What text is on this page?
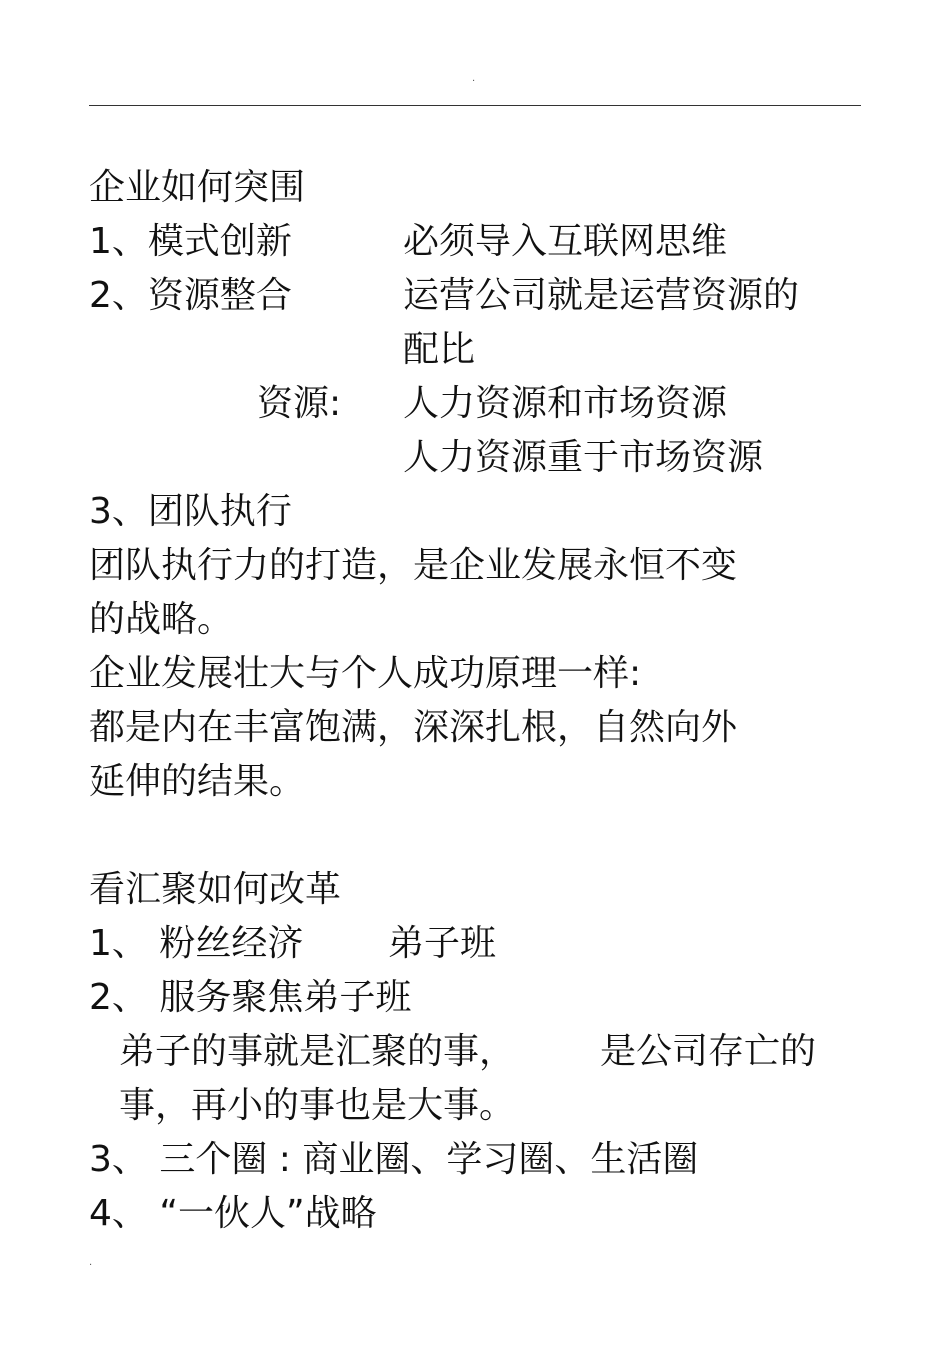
.
企业如何突围
1、模式创新	必须导入互联网思维
2、资源整合	运营公司就是运营资源的
配比
资源: 人力资源和市场资源
人力资源重于市场资源
3、团队执行
团队执行力的打造，是企业发展永恒不变
的战略。
企业发展壮大与个人成功原理一样:
都是内在丰富饱满，深深扎根，自然向外
延伸的结果。
看汇聚如何改革
1、 粉丝经济 弟子班
2、 服务聚焦弟子班
弟子的事就是汇聚的事， 是公司存亡的
事，再小的事也是大事。
3、 三个圈 : 商业圈、学习圈、生活圈
4、 “一伙人”战略
.
